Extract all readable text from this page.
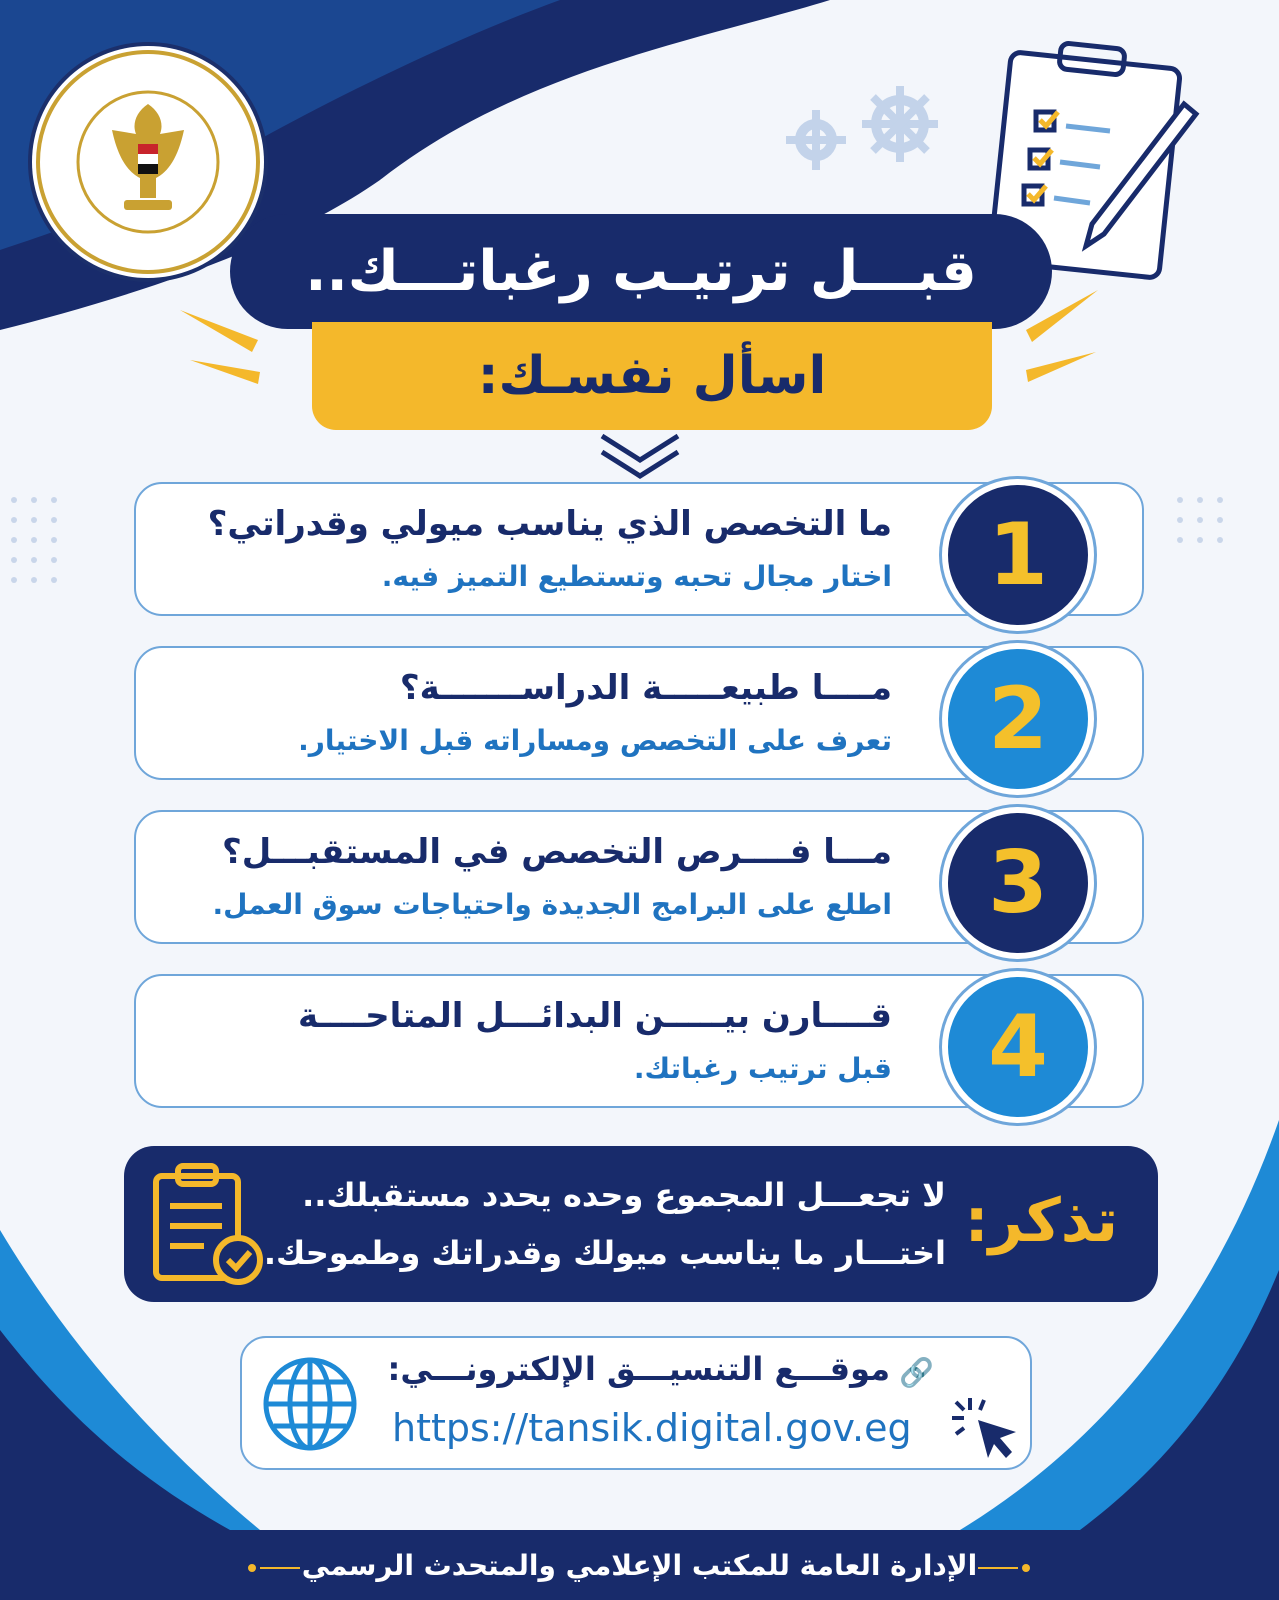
قبـــل ترتيـب رغباتـــك..
اسأل نفسـك:
ما التخصص الذي يناسب ميولي وقدراتي؟
اختار مجال تحبه وتستطيع التميز فيه.	1
مــــا طبيعـــــة الدراســـــــة؟
تعرف على التخصص ومساراته قبل الاختيار.	2
مـــا فــــرص التخصص في المستقبـــل؟
اطلع على البرامج الجديدة واحتياجات سوق العمل.	3
قــــارن بيـــــن البدائـــل المتاحــــة
قبل ترتيب رغباتك.	4
تذكر:
لا تجعـــل المجموع وحده يحدد مستقبلك..
اختـــار ما يناسب ميولك وقدراتك وطموحك.
🔗
موقـــع التنسيـــق الإلكترونـــي:
https://tansik.digital.gov.eg
الإدارة العامة للمكتب الإعلامي والمتحدث الرسمي
